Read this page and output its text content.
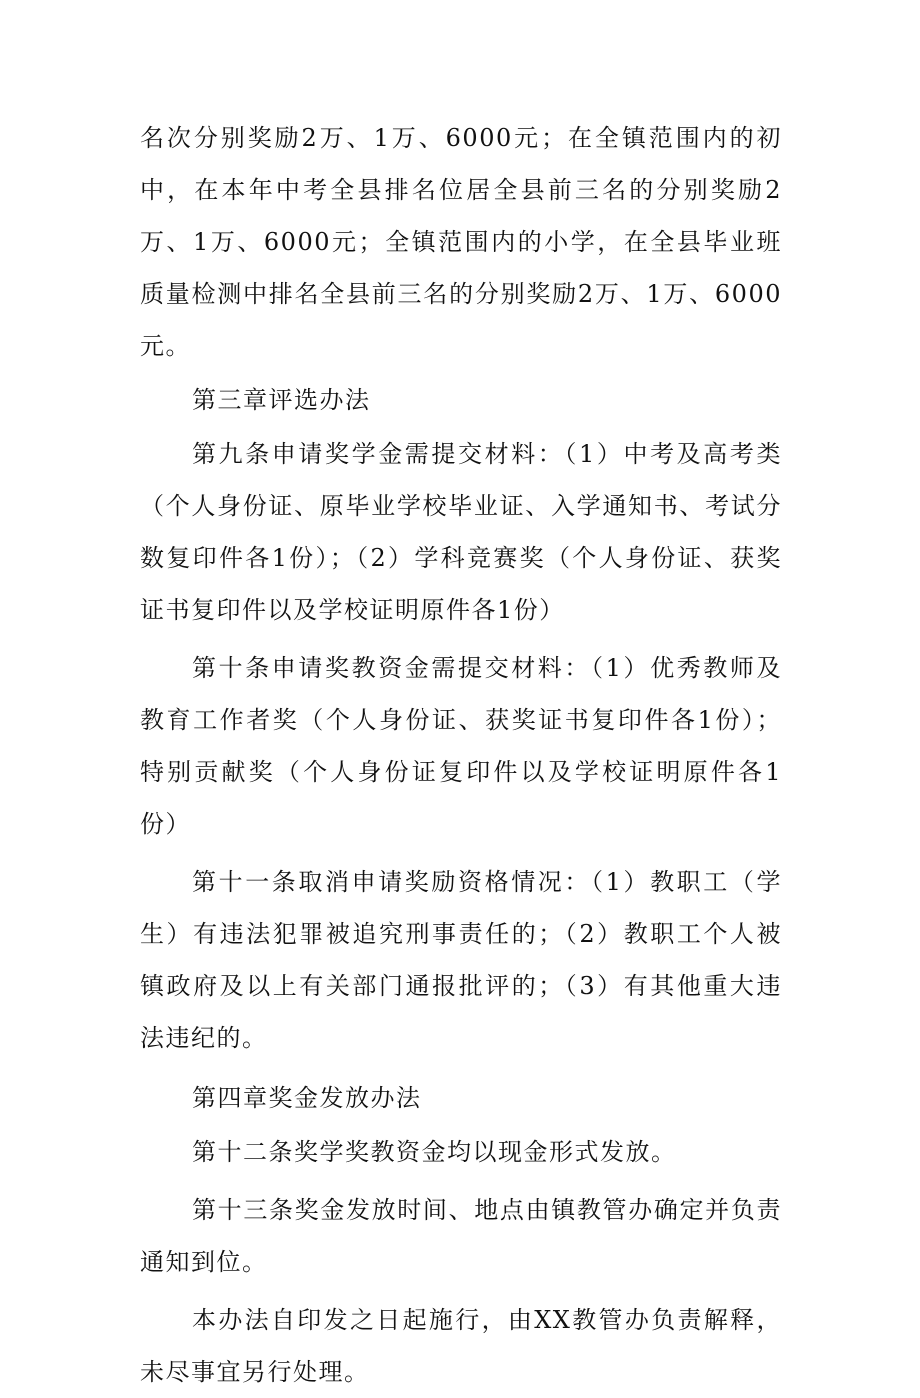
名次分别奖励2万、1万、6000元；在全镇范围内的初中，在本年中考全县排名位居全县前三名的分别奖励2万、1万、6000元；全镇范围内的小学，在全县毕业班质量检测中排名全县前三名的分别奖励2万、1万、6000元。

第三章评选办法

第九条申请奖学金需提交材料：（1）中考及高考类（个人身份证、原毕业学校毕业证、入学通知书、考试分数复印件各1份）；（2）学科竞赛奖（个人身份证、获奖证书复印件以及学校证明原件各1份）

第十条申请奖教资金需提交材料：（1）优秀教师及教育工作者奖（个人身份证、获奖证书复印件各1份）；特别贡献奖（个人身份证复印件以及学校证明原件各1份）

第十一条取消申请奖励资格情况：（1）教职工（学生）有违法犯罪被追究刑事责任的；（2）教职工个人被镇政府及以上有关部门通报批评的；（3）有其他重大违法违纪的。

第四章奖金发放办法

第十二条奖学奖教资金均以现金形式发放。

第十三条奖金发放时间、地点由镇教管办确定并负责通知到位。

本办法自印发之日起施行，由XX教管办负责解释，未尽事宜另行处理。
